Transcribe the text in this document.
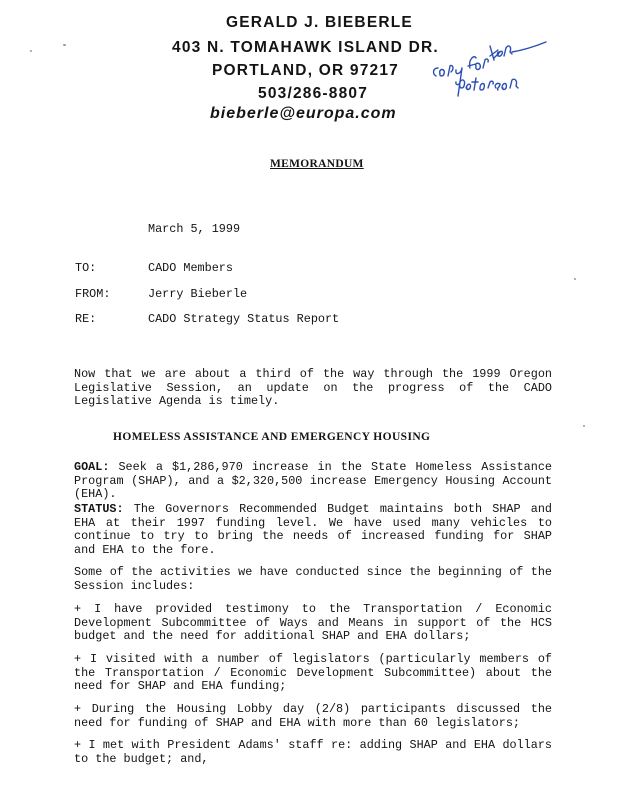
GERALD J. BIEBERLE
403 N. TOMAHAWK ISLAND DR.
PORTLAND, OR 97217
503/286-8807
bieberle@europa.com
MEMORANDUM
March 5, 1999
TO:	CADO Members
FROM:	Jerry Bieberle
RE:	CADO Strategy Status Report
Now that we are about a third of the way through the 1999 Oregon Legislative Session, an update on the progress of the CADO Legislative Agenda is timely.
HOMELESS ASSISTANCE AND EMERGENCY HOUSING
GOAL: Seek a $1,286,970 increase in the State Homeless Assistance Program (SHAP), and a $2,320,500 increase Emergency Housing Account (EHA).
STATUS: The Governors Recommended Budget maintains both SHAP and EHA at their 1997 funding level. We have used many vehicles to continue to try to bring the needs of increased funding for SHAP and EHA to the fore.
Some of the activities we have conducted since the beginning of the Session includes:
+ I have provided testimony to the Transportation / Economic Development Subcommittee of Ways and Means in support of the HCS budget and the need for additional SHAP and EHA dollars;
+ I visited with a number of legislators (particularly members of the Transportation / Economic Development Subcommittee) about the need for SHAP and EHA funding;
+ During the Housing Lobby day (2/8) participants discussed the need for funding of SHAP and EHA with more than 60 legislators;
+ I met with President Adams' staff re: adding SHAP and EHA dollars to the budget; and,
